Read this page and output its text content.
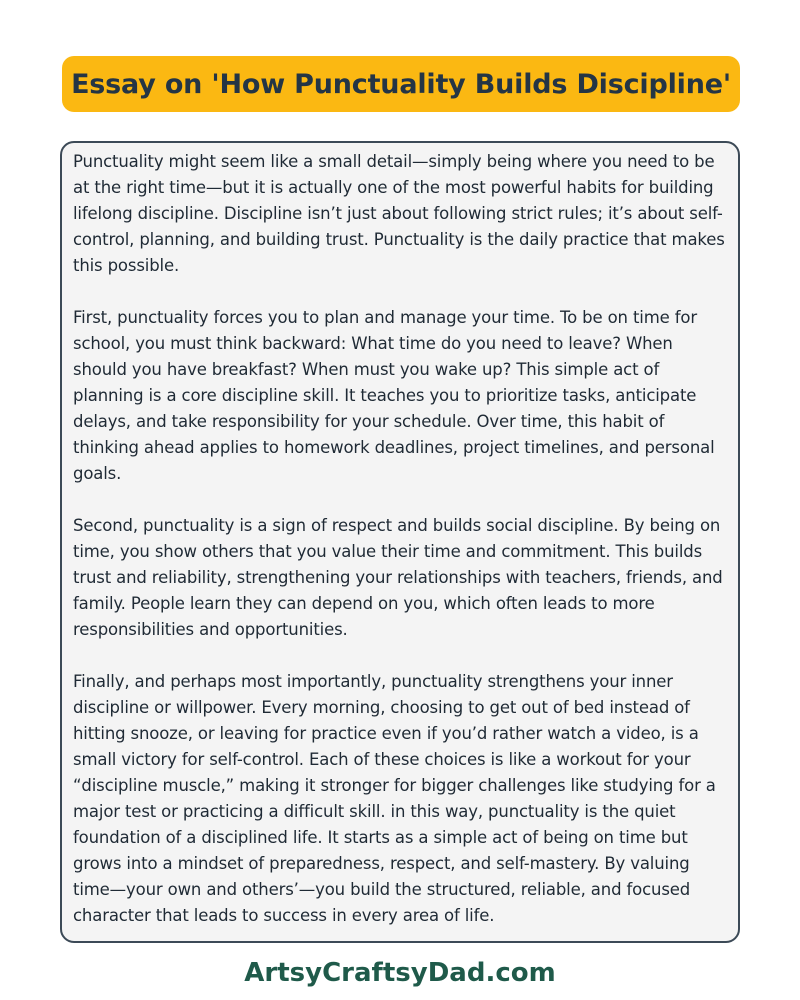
Essay on 'How Punctuality Builds Discipline'

Punctuality might seem like a small detail—simply being where you need to be at the right time—but it is actually one of the most powerful habits for building lifelong discipline. Discipline isn’t just about following strict rules; it’s about self-control, planning, and building trust. Punctuality is the daily practice that makes this possible.

First, punctuality forces you to plan and manage your time. To be on time for school, you must think backward: What time do you need to leave? When should you have breakfast? When must you wake up? This simple act of planning is a core discipline skill. It teaches you to prioritize tasks, anticipate delays, and take responsibility for your schedule. Over time, this habit of thinking ahead applies to homework deadlines, project timelines, and personal goals.

Second, punctuality is a sign of respect and builds social discipline. By being on time, you show others that you value their time and commitment. This builds trust and reliability, strengthening your relationships with teachers, friends, and family. People learn they can depend on you, which often leads to more responsibilities and opportunities.

Finally, and perhaps most importantly, punctuality strengthens your inner discipline or willpower. Every morning, choosing to get out of bed instead of hitting snooze, or leaving for practice even if you’d rather watch a video, is a small victory for self-control. Each of these choices is like a workout for your “discipline muscle,” making it stronger for bigger challenges like studying for a major test or practicing a difficult skill. in this way, punctuality is the quiet foundation of a disciplined life. It starts as a simple act of being on time but grows into a mindset of preparedness, respect, and self-mastery. By valuing time—your own and others’—you build the structured, reliable, and focused character that leads to success in every area of life.

ArtsyCraftsyDad.com
